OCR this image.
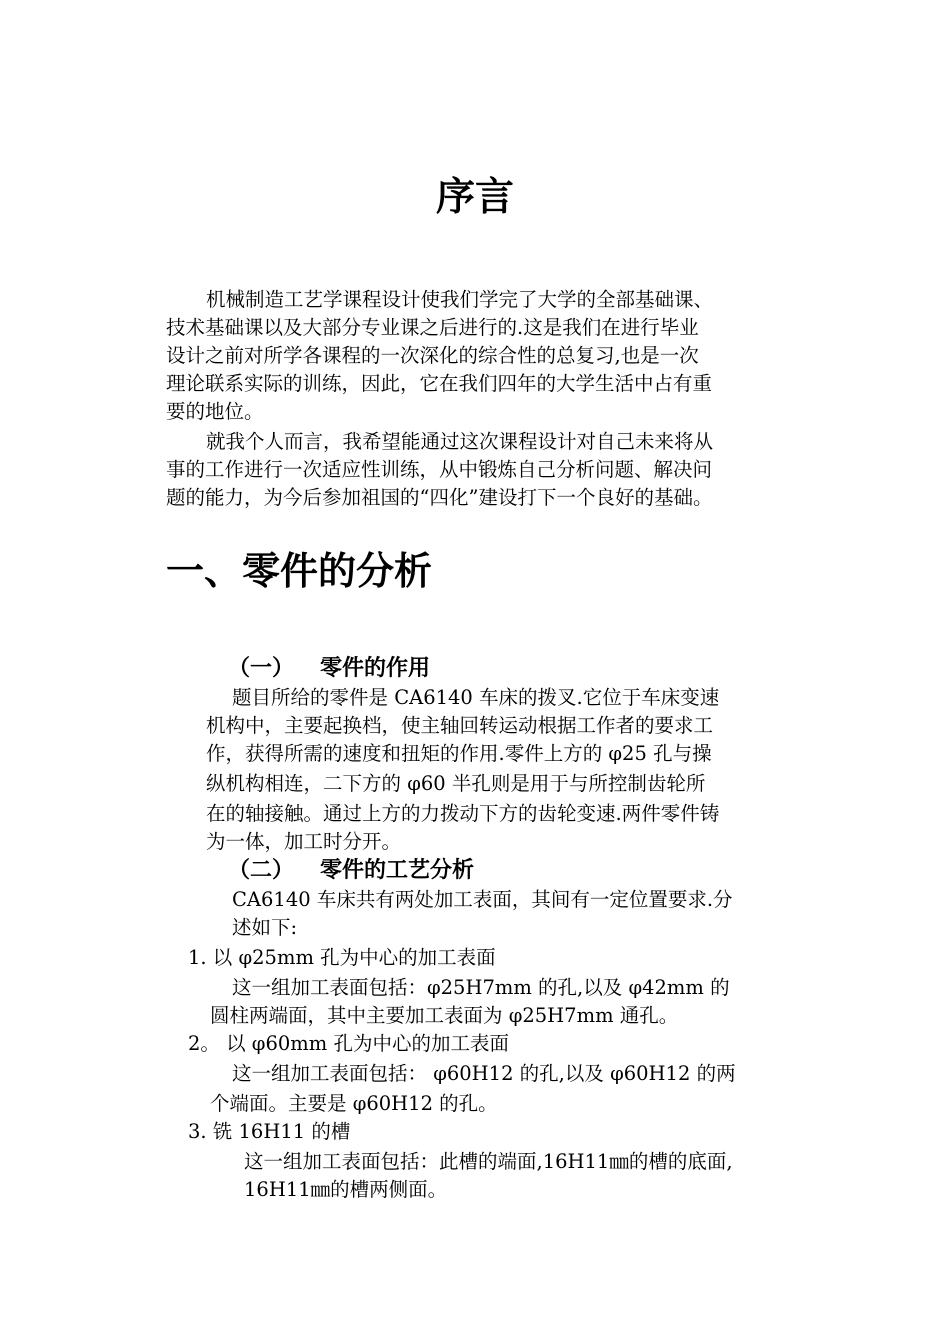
序言
机械制造工艺学课程设计使我们学完了大学的全部基础课、
技术基础课以及大部分专业课之后进行的.这是我们在进行毕业
设计之前对所学各课程的一次深化的综合性的总复习,也是一次
理论联系实际的训练，因此，它在我们四年的大学生活中占有重
要的地位。
就我个人而言，我希望能通过这次课程设计对自己未来将从
事的工作进行一次适应性训练，从中锻炼自己分析问题、解决问
题的能力，为今后参加祖国的“四化”建设打下一个良好的基础。
一、零件的分析
（一） 零件的作用
题目所给的零件是 CA6140 车床的拨叉.它位于车床变速
机构中，主要起换档，使主轴回转运动根据工作者的要求工
作，获得所需的速度和扭矩的作用.零件上方的 φ25 孔与操
纵机构相连，二下方的 φ60 半孔则是用于与所控制齿轮所
在的轴接触。通过上方的力拨动下方的齿轮变速.两件零件铸
为一体，加工时分开。
（二） 零件的工艺分析
CA6140 车床共有两处加工表面，其间有一定位置要求.分
述如下:
1. 以 φ25mm 孔为中心的加工表面
这一组加工表面包括：φ25H7mm 的孔,以及 φ42mm 的
圆柱两端面，其中主要加工表面为 φ25H7mm 通孔。
2。 以 φ60mm 孔为中心的加工表面
这一组加工表面包括： φ60H12 的孔,以及 φ60H12 的两
个端面。主要是 φ60H12 的孔。
3. 铣 16H11 的槽
这一组加工表面包括：此槽的端面,16H11㎜的槽的底面,
16H11㎜的槽两侧面。
